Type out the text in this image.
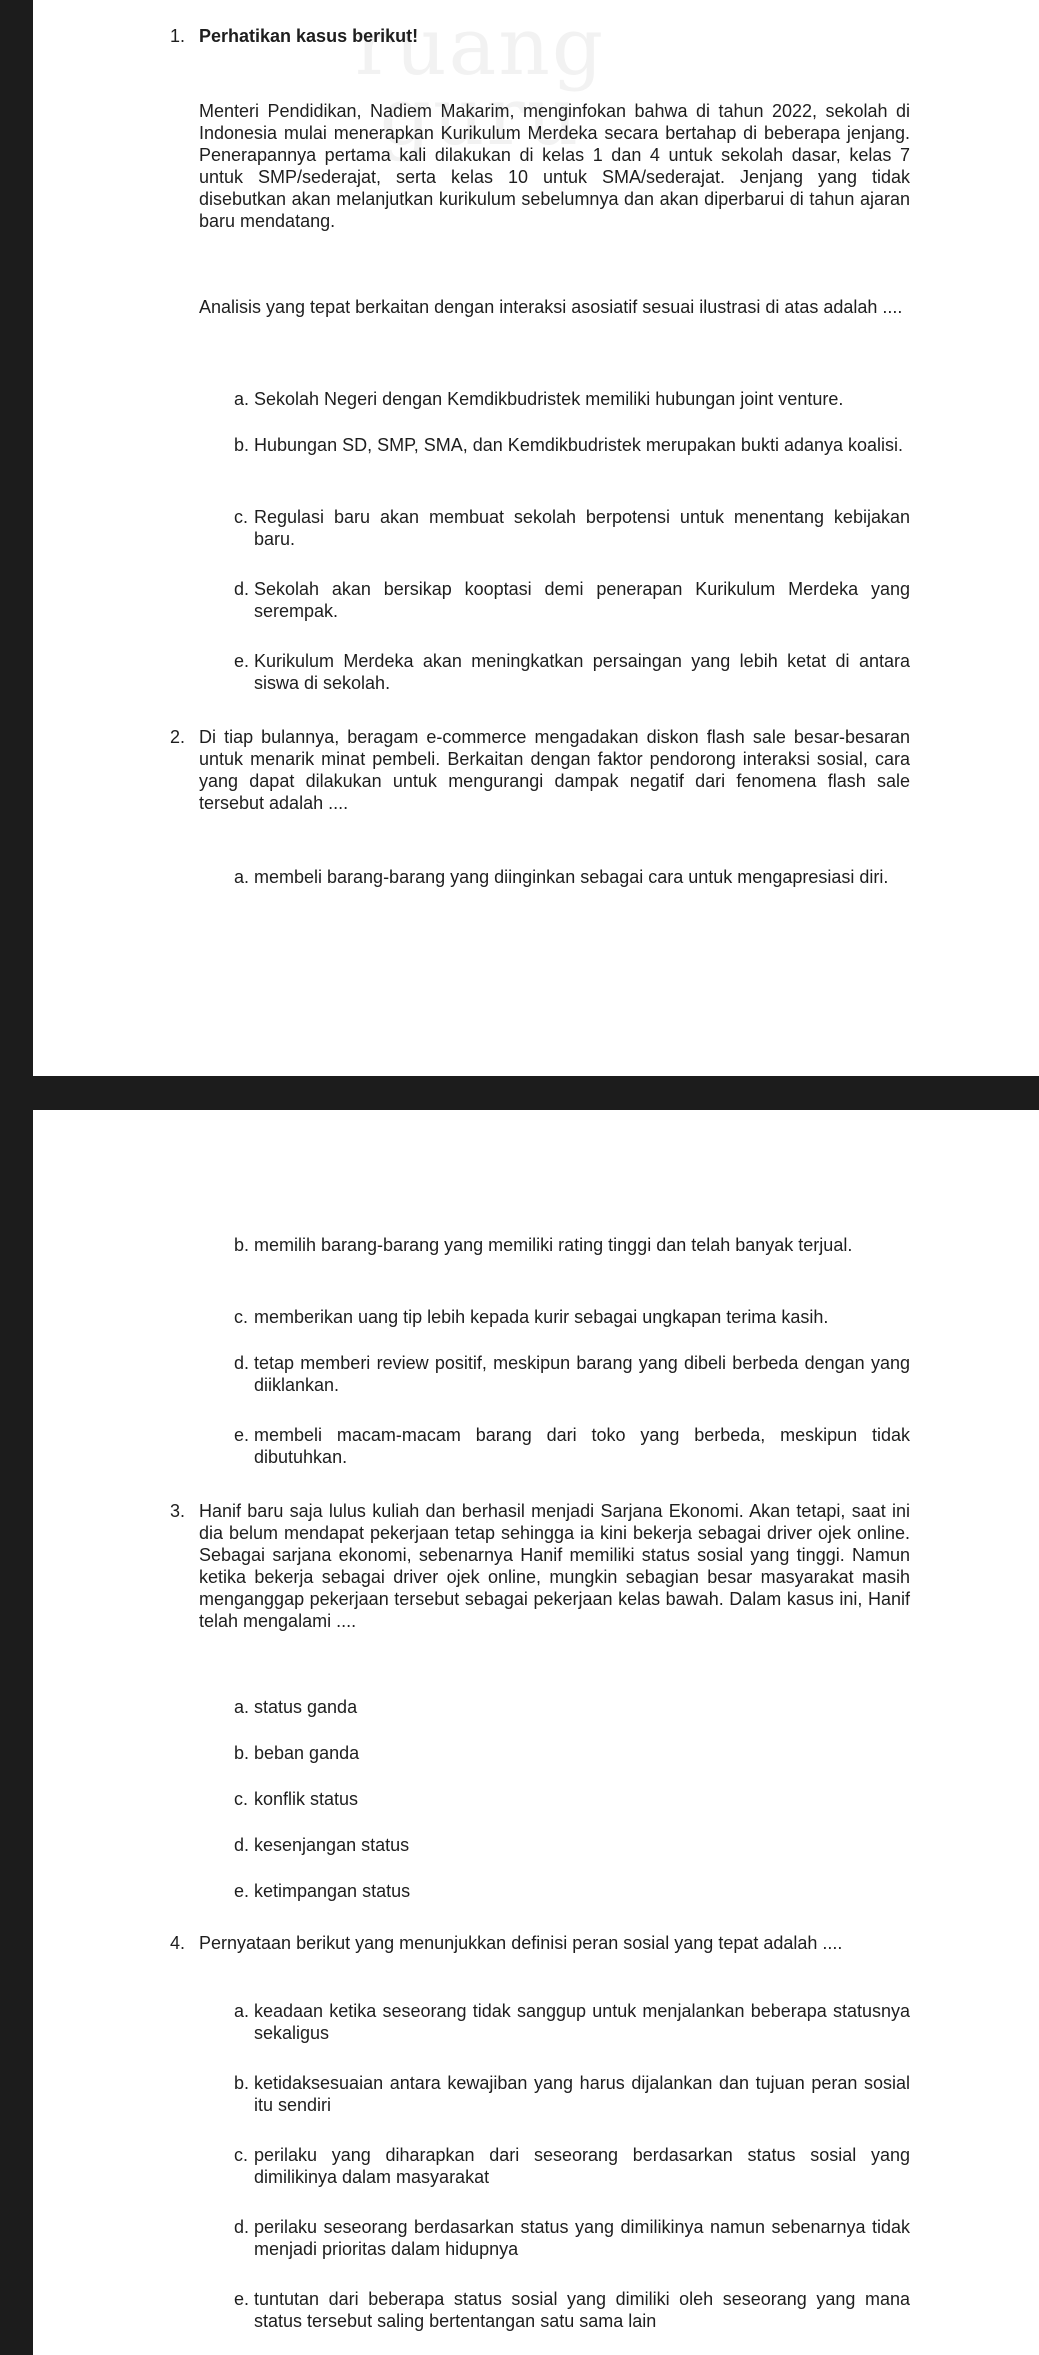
ruang guru
1. Perhatikan kasus berikut!
Menteri Pendidikan, Nadiem Makarim, menginfokan bahwa di tahun 2022, sekolah di Indonesia mulai menerapkan Kurikulum Merdeka secara bertahap di beberapa jenjang. Penerapannya pertama kali dilakukan di kelas 1 dan 4 untuk sekolah dasar, kelas 7 untuk SMP/sederajat, serta kelas 10 untuk SMA/sederajat. Jenjang yang tidak disebutkan akan melanjutkan kurikulum sebelumnya dan akan diperbarui di tahun ajaran baru mendatang.
Analisis yang tepat berkaitan dengan interaksi asosiatif sesuai ilustrasi di atas adalah ....
a. Sekolah Negeri dengan Kemdikbudristek memiliki hubungan joint venture.
b. Hubungan SD, SMP, SMA, dan Kemdikbudristek merupakan bukti adanya koalisi.
c. Regulasi baru akan membuat sekolah berpotensi untuk menentang kebijakan baru.
d. Sekolah akan bersikap kooptasi demi penerapan Kurikulum Merdeka yang serempak.
e. Kurikulum Merdeka akan meningkatkan persaingan yang lebih ketat di antara siswa di sekolah.
2. Di tiap bulannya, beragam e-commerce mengadakan diskon flash sale besar-besaran untuk menarik minat pembeli. Berkaitan dengan faktor pendorong interaksi sosial, cara yang dapat dilakukan untuk mengurangi dampak negatif dari fenomena flash sale tersebut adalah ....
a. membeli barang-barang yang diinginkan sebagai cara untuk mengapresiasi diri.
b. memilih barang-barang yang memiliki rating tinggi dan telah banyak terjual.
c. memberikan uang tip lebih kepada kurir sebagai ungkapan terima kasih.
d. tetap memberi review positif, meskipun barang yang dibeli berbeda dengan yang diiklankan.
e. membeli macam-macam barang dari toko yang berbeda, meskipun tidak dibutuhkan.
3. Hanif baru saja lulus kuliah dan berhasil menjadi Sarjana Ekonomi. Akan tetapi, saat ini dia belum mendapat pekerjaan tetap sehingga ia kini bekerja sebagai driver ojek online. Sebagai sarjana ekonomi, sebenarnya Hanif memiliki status sosial yang tinggi. Namun ketika bekerja sebagai driver ojek online, mungkin sebagian besar masyarakat masih menganggap pekerjaan tersebut sebagai pekerjaan kelas bawah. Dalam kasus ini, Hanif telah mengalami ....
a. status ganda
b. beban ganda
c. konflik status
d. kesenjangan status
e. ketimpangan status
4. Pernyataan berikut yang menunjukkan definisi peran sosial yang tepat adalah ....
a. keadaan ketika seseorang tidak sanggup untuk menjalankan beberapa statusnya sekaligus
b. ketidaksesuaian antara kewajiban yang harus dijalankan dan tujuan peran sosial itu sendiri
c. perilaku yang diharapkan dari seseorang berdasarkan status sosial yang dimilikinya dalam masyarakat
d. perilaku seseorang berdasarkan status yang dimilikinya namun sebenarnya tidak menjadi prioritas dalam hidupnya
e. tuntutan dari beberapa status sosial yang dimiliki oleh seseorang yang mana status tersebut saling bertentangan satu sama lain
